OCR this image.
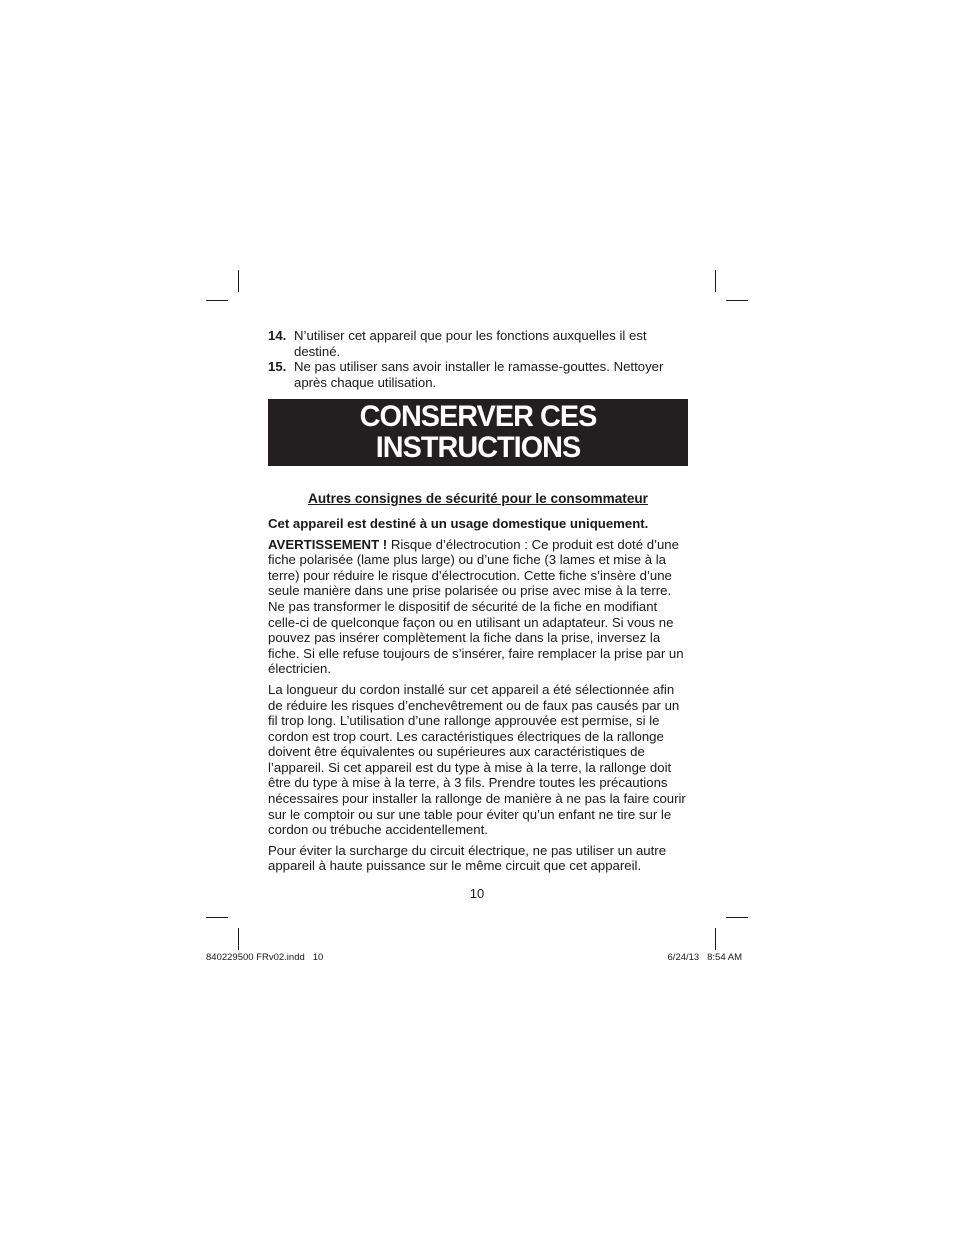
14. N’utiliser cet appareil que pour les fonctions auxquelles il est destiné.
15. Ne pas utiliser sans avoir installer le ramasse-gouttes. Nettoyer après chaque utilisation.
CONSERVER CES
INSTRUCTIONS
Autres consignes de sécurité pour le consommateur
Cet appareil est destiné à un usage domestique uniquement.
AVERTISSEMENT ! Risque d’électrocution : Ce produit est doté d’une fiche polarisée (lame plus large) ou d’une fiche (3 lames et mise à la terre) pour réduire le risque d’électrocution. Cette fiche s’insère d’une seule manière dans une prise polarisée ou prise avec mise à la terre. Ne pas transformer le dispositif de sécurité de la fiche en modifiant celle-ci de quelconque façon ou en utilisant un adaptateur. Si vous ne pouvez pas insérer complètement la fiche dans la prise, inversez la fiche. Si elle refuse toujours de s’insérer, faire remplacer la prise par un électricien.
La longueur du cordon installé sur cet appareil a été sélectionnée afin de réduire les risques d’enchevêtrement ou de faux pas causés par un fil trop long. L’utilisation d’une rallonge approuvée est permise, si le cordon est trop court. Les caractéristiques électriques de la rallonge doivent être équivalentes ou supérieures aux caractéristiques de l’appareil. Si cet appareil est du type à mise à la terre, la rallonge doit être du type à mise à la terre, à 3 fils. Prendre toutes les précautions nécessaires pour installer la rallonge de manière à ne pas la faire courir sur le comptoir ou sur une table pour éviter qu’un enfant ne tire sur le cordon ou trébuche accidentellement.
Pour éviter la surcharge du circuit électrique, ne pas utiliser un autre appareil à haute puissance sur le même circuit que cet appareil.
10
840229500 FRv02.indd   10	6/24/13   8:54 AM
